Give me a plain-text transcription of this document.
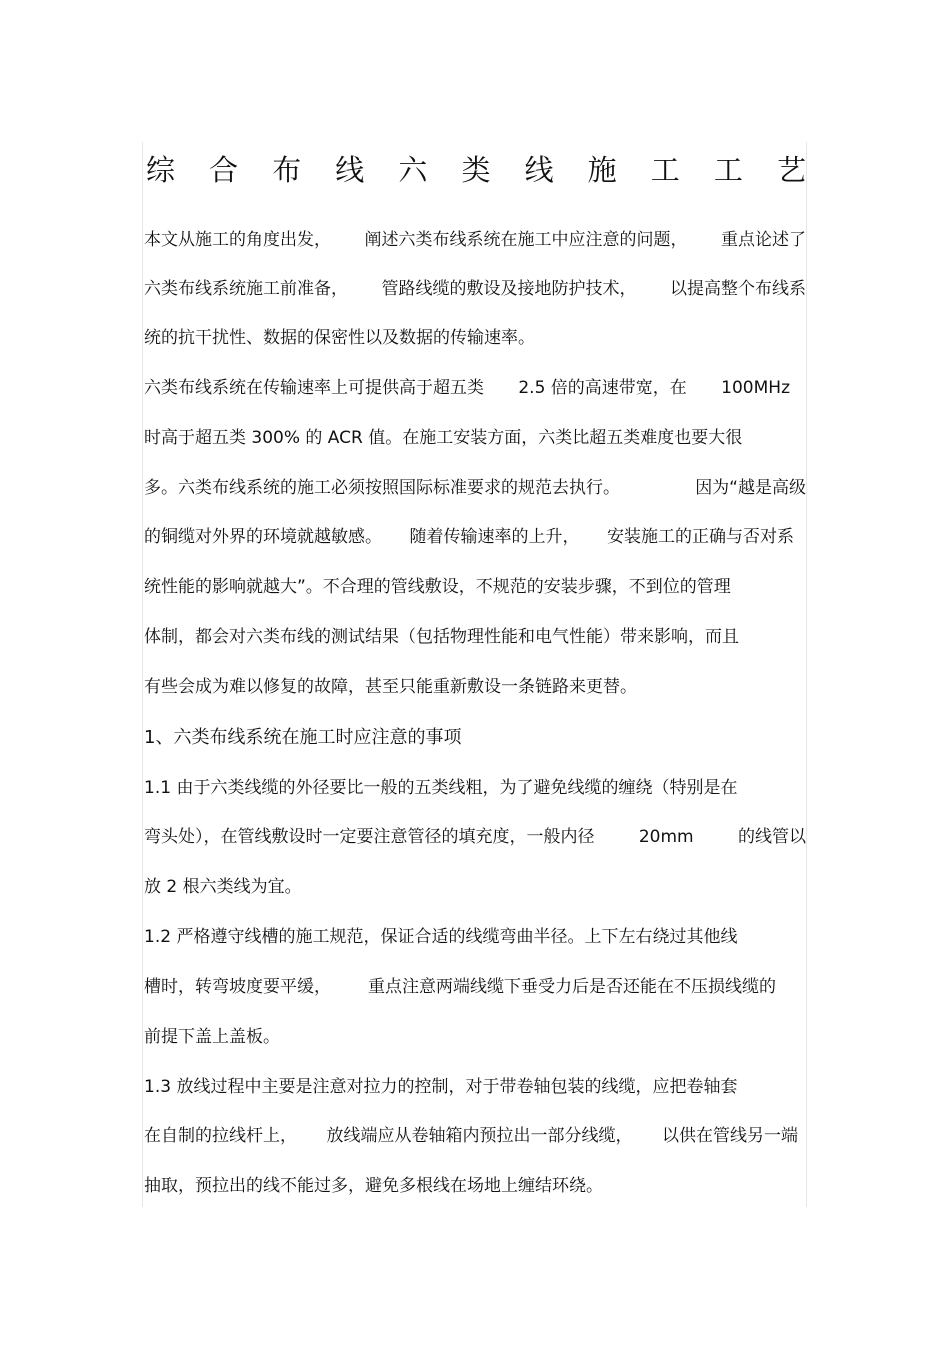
综 合 布 线 六 类 线 施 工 工 艺
本文从施工的角度出发， 阐述六类布线系统在施工中应注意的问题， 重点论述了
六类布线系统施工前准备， 管路线缆的敷设及接地防护技术， 以提高整个布线系
统的抗干扰性、数据的保密性以及数据的传输速率。
六类布线系统在传输速率上可提供高于超五类 2.5 倍的高速带宽，在 100MHz
时高于超五类 300% 的 ACR 值。在施工安装方面，六类比超五类难度也要大很
多。六类布线系统的施工必须按照国际标准要求的规范去执行。	因为“越是高级
的铜缆对外界的环境就越敏感。 随着传输速率的上升， 安装施工的正确与否对系
统性能的影响就越大”。不合理的管线敷设，不规范的安装步骤，不到位的管理
体制，都会对六类布线的测试结果（包括物理性能和电气性能）带来影响，而且
有些会成为难以修复的故障，甚至只能重新敷设一条链路来更替。
1、六类布线系统在施工时应注意的事项
1.1 由于六类线缆的外径要比一般的五类线粗，为了避免线缆的缠绕（特别是在
弯头处），在管线敷设时一定要注意管径的填充度，一般内径	20mm	的线管以
放 2 根六类线为宜。
1.2 严格遵守线槽的施工规范，保证合适的线缆弯曲半径。上下左右绕过其他线
槽时，转弯坡度要平缓， 重点注意两端线缆下垂受力后是否还能在不压损线缆的
前提下盖上盖板。
1.3 放线过程中主要是注意对拉力的控制，对于带卷轴包装的线缆，应把卷轴套
在自制的拉线杆上， 放线端应从卷轴箱内预拉出一部分线缆， 以供在管线另一端
抽取，预拉出的线不能过多，避免多根线在场地上缠结环绕。
